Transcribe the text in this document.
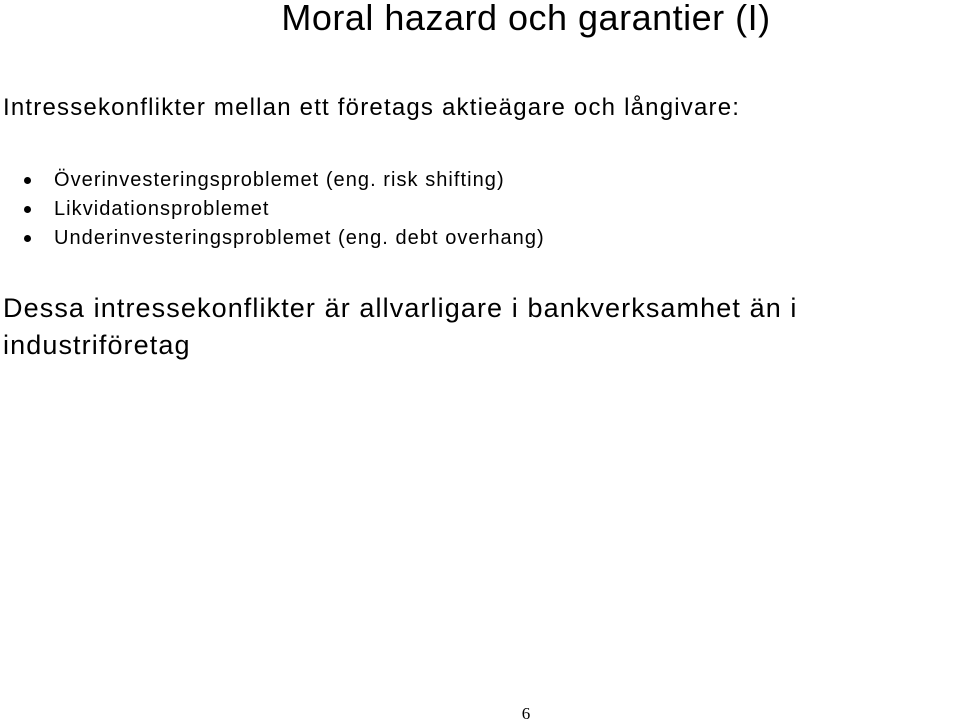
Moral hazard och garantier (I)
Intressekonflikter mellan ett företags aktieägare och långivare:
Överinvesteringsproblemet (eng. risk shifting)
Likvidationsproblemet
Underinvesteringsproblemet (eng. debt overhang)
Dessa intressekonflikter är allvarligare i bankverksamhet än i industriföretag
6
